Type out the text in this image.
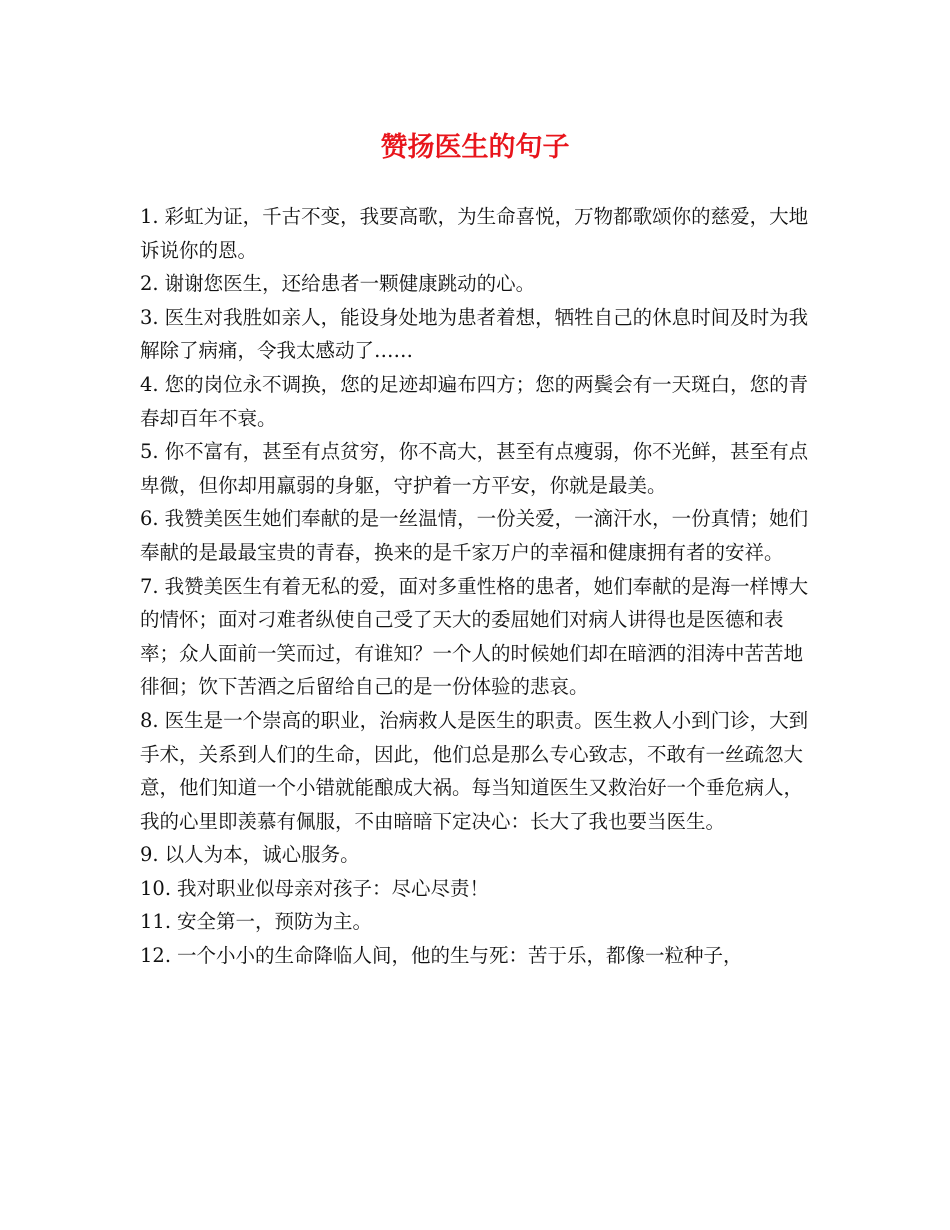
赞扬医生的句子

1. 彩虹为证，千古不变，我要高歌，为生命喜悦，万物都歌颂你的慈爱，大地诉说你的恩。

2. 谢谢您医生，还给患者一颗健康跳动的心。

3. 医生对我胜如亲人，能设身处地为患者着想，牺牲自己的休息时间及时为我解除了病痛，令我太感动了……

4. 您的岗位永不调换，您的足迹却遍布四方；您的两鬓会有一天斑白，您的青春却百年不衰。

5. 你不富有，甚至有点贫穷，你不高大，甚至有点瘦弱，你不光鲜，甚至有点卑微，但你却用羸弱的身躯，守护着一方平安，你就是最美。

6. 我赞美医生她们奉献的是一丝温情，一份关爱，一滴汗水，一份真情；她们奉献的是最最宝贵的青春，换来的是千家万户的幸福和健康拥有者的安祥。

7. 我赞美医生有着无私的爱，面对多重性格的患者，她们奉献的是海一样博大的情怀；面对刁难者纵使自己受了天大的委屈她们对病人讲得也是医德和表率；众人面前一笑而过，有谁知？一个人的时候她们却在暗洒的泪涛中苦苦地徘徊；饮下苦酒之后留给自己的是一份体验的悲哀。

8. 医生是一个崇高的职业，治病救人是医生的职责。医生救人小到门诊，大到手术，关系到人们的生命，因此，他们总是那么专心致志，不敢有一丝疏忽大意，他们知道一个小错就能酿成大祸。每当知道医生又救治好一个垂危病人，我的心里即羡慕有佩服，不由暗暗下定决心：长大了我也要当医生。

9. 以人为本，诚心服务。

10. 我对职业似母亲对孩子：尽心尽责！

11. 安全第一，预防为主。

12. 一个小小的生命降临人间，他的生与死：苦于乐，都像一粒种子，
